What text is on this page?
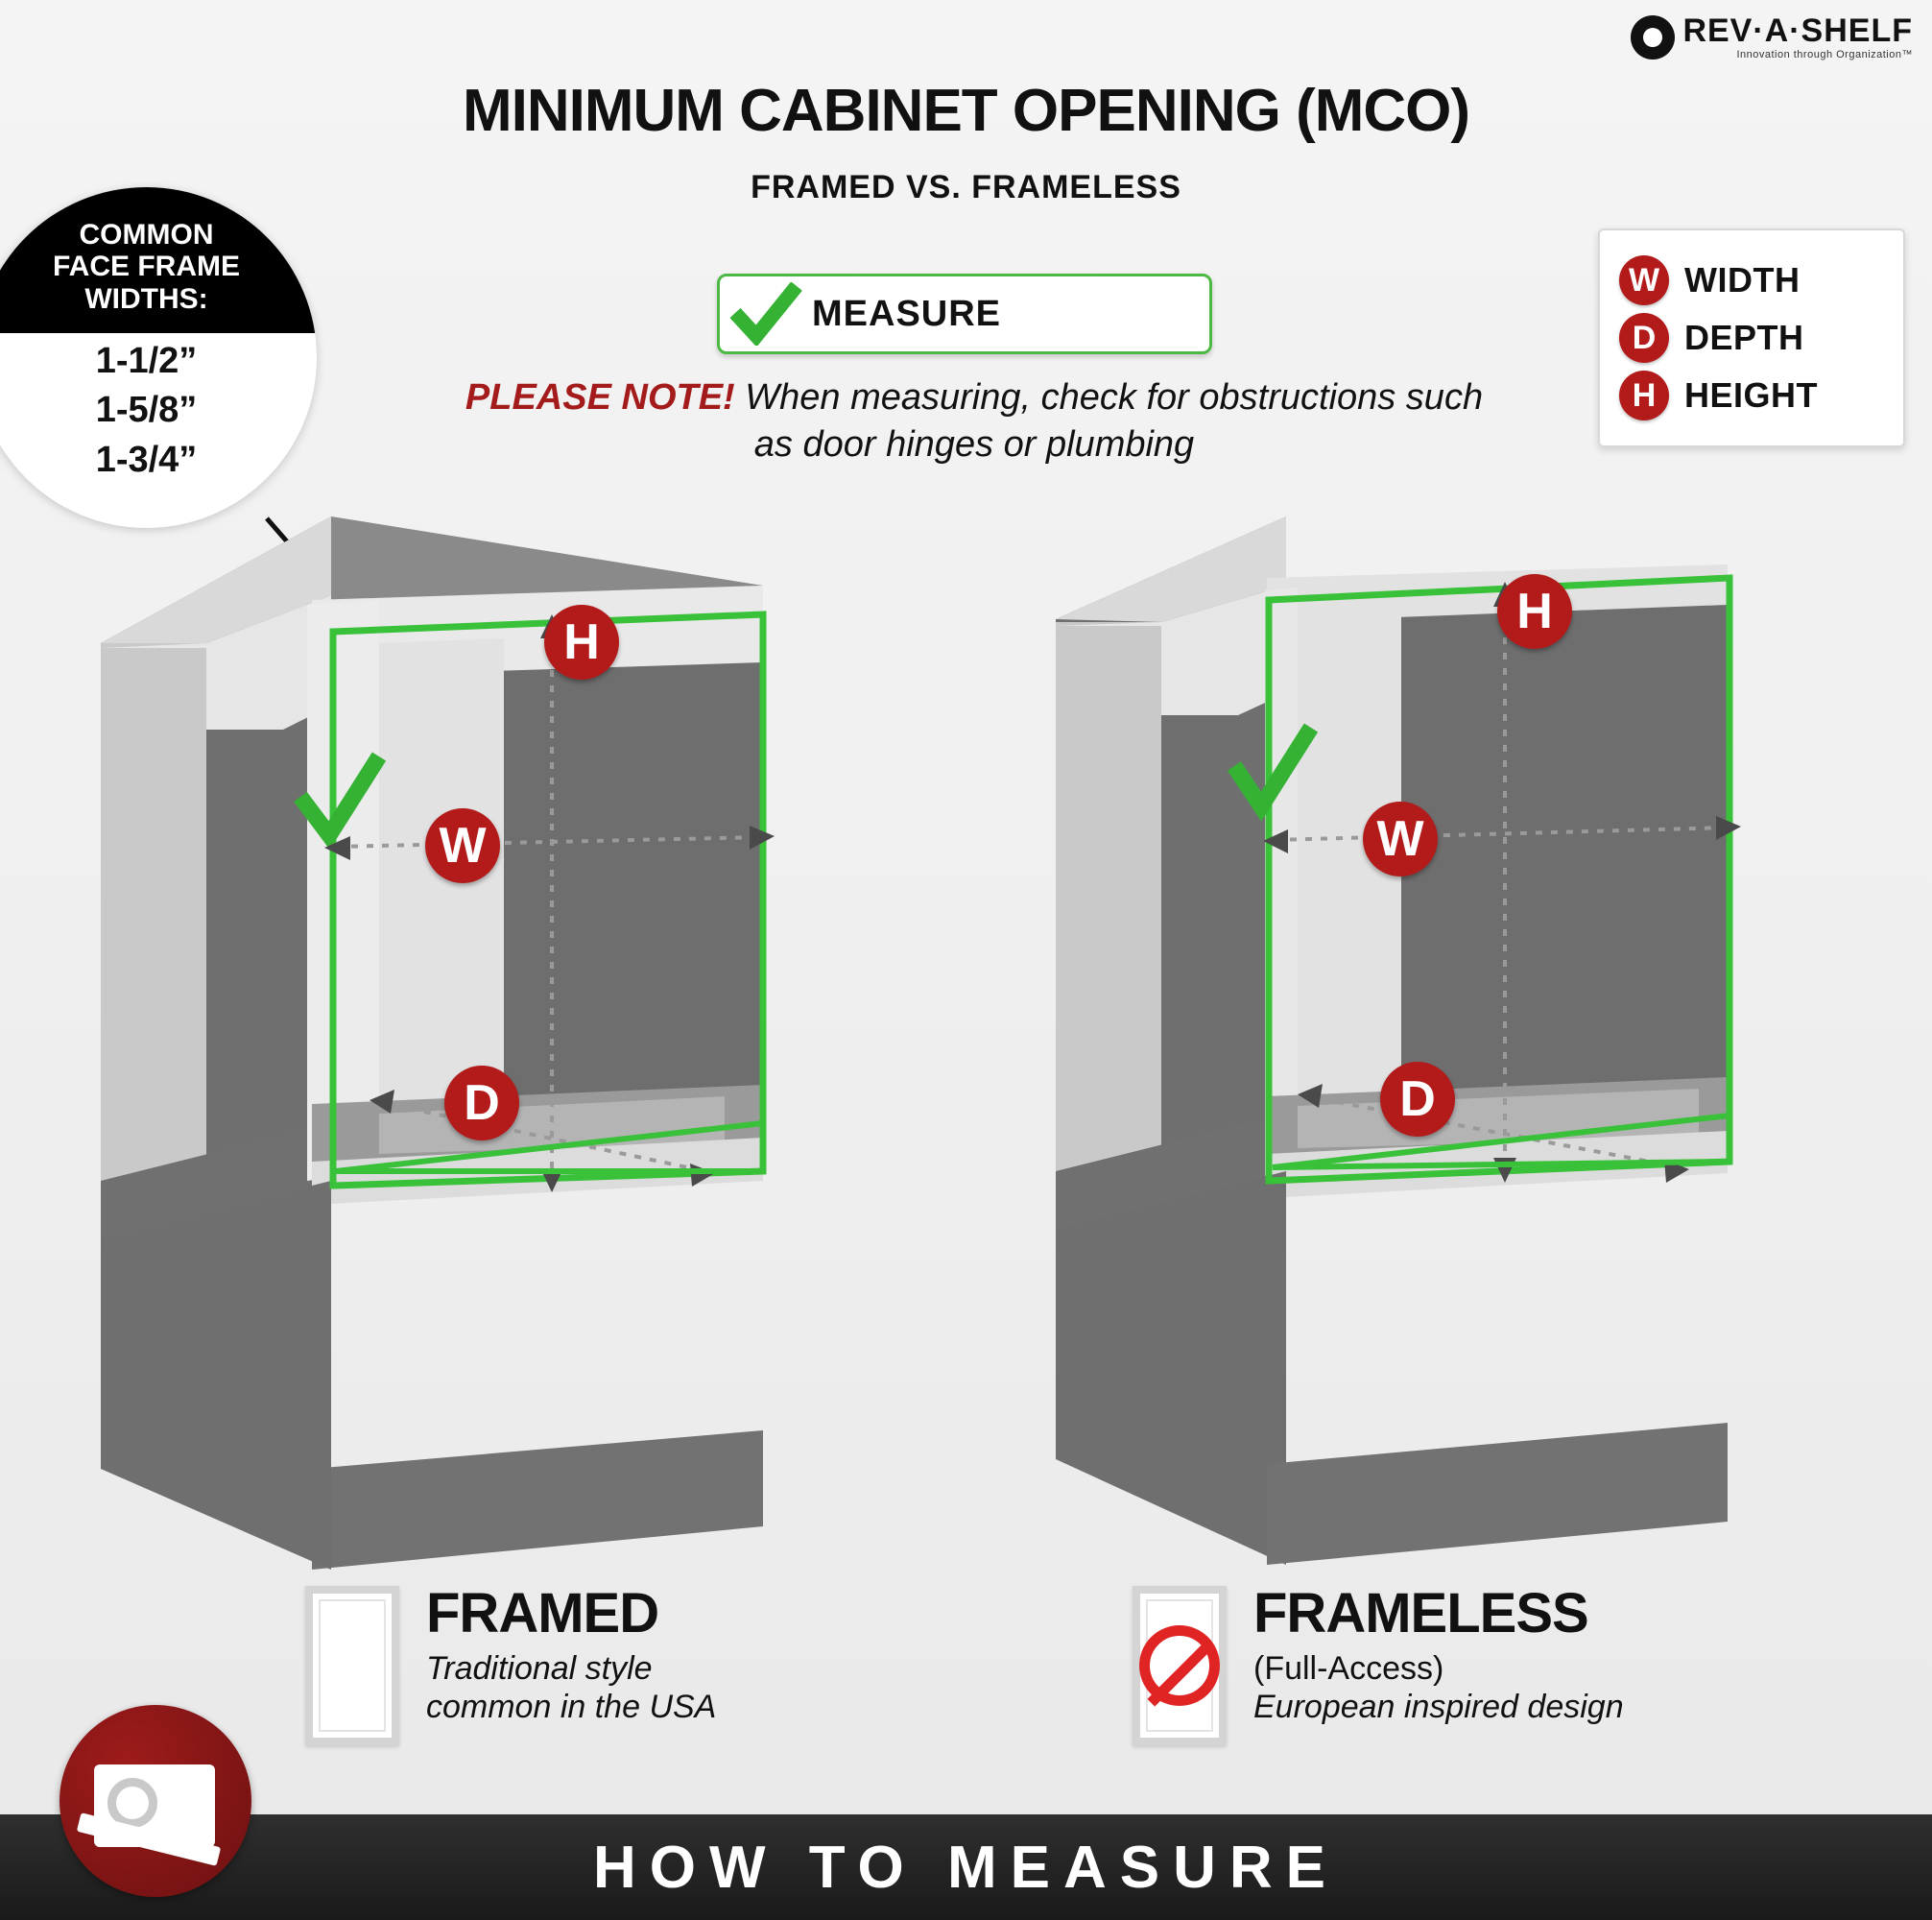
REV·A·SHELF
Innovation through Organization™
MINIMUM CABINET OPENING (MCO)
FRAMED VS. FRAMELESS
COMMON
FACE FRAME
WIDTHS:
1-1/2”
1-5/8”
1-3/4”
MEASURE
PLEASE NOTE! When measuring, check for obstructions such as door hinges or plumbing
W WIDTH
D DEPTH
H HEIGHT
H
W
D
H
W
D
FRAMED
Traditional style
common in the USA
FRAMELESS
(Full-Access)
European inspired design
HOW TO MEASURE
